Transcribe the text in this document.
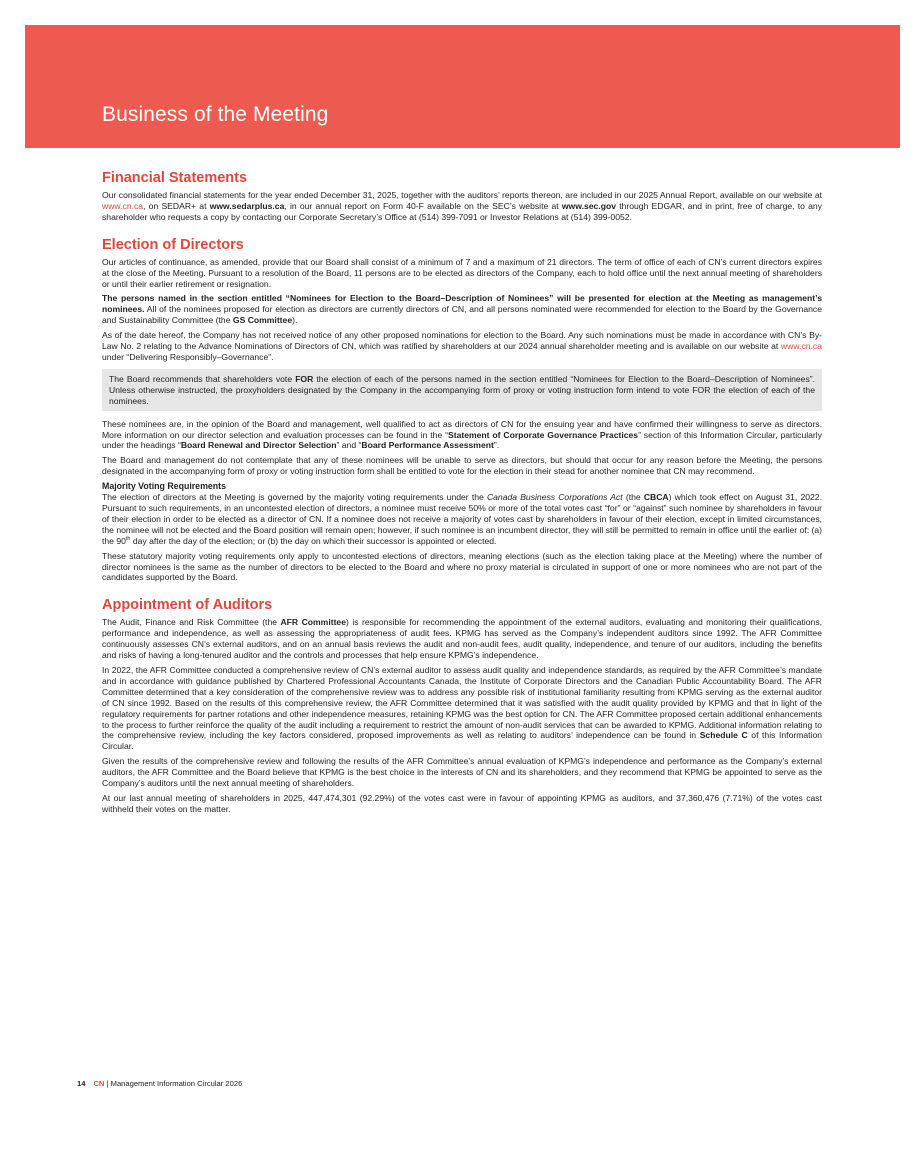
Business of the Meeting
Financial Statements

Our consolidated financial statements for the year ended December 31, 2025, together with the auditors’ reports thereon, are included in our 2025 Annual Report, available on our website at www.cn.ca, on SEDAR+ at www.sedarplus.ca, in our annual report on Form 40-F available on the SEC’s website at www.sec.gov through EDGAR, and in print, free of charge, to any shareholder who requests a copy by contacting our Corporate Secretary’s Office at (514) 399-7091 or Investor Relations at (514) 399-0052.

Election of Directors

Our articles of continuance, as amended, provide that our Board shall consist of a minimum of 7 and a maximum of 21 directors. The term of office of each of CN’s current directors expires at the close of the Meeting. Pursuant to a resolution of the Board, 11 persons are to be elected as directors of the Company, each to hold office until the next annual meeting of shareholders or until their earlier retirement or resignation.

The persons named in the section entitled “Nominees for Election to the Board–Description of Nominees” will be presented for election at the Meeting as management’s nominees. All of the nominees proposed for election as directors are currently directors of CN, and all persons nominated were recommended for election to the Board by the Governance and Sustainability Committee (the GS Committee).

As of the date hereof, the Company has not received notice of any other proposed nominations for election to the Board. Any such nominations must be made in accordance with CN’s By-Law No. 2 relating to the Advance Nominations of Directors of CN, which was ratified by shareholders at our 2024 annual shareholder meeting and is available on our website at www.cn.ca under “Delivering Responsibly–Governance”.

The Board recommends that shareholders vote FOR the election of each of the persons named in the section entitled “Nominees for Election to the Board–Description of Nominees”. Unless otherwise instructed, the proxyholders designated by the Company in the accompanying form of proxy or voting instruction form intend to vote FOR the election of each of the nominees.

These nominees are, in the opinion of the Board and management, well qualified to act as directors of CN for the ensuing year and have confirmed their willingness to serve as directors. More information on our director selection and evaluation processes can be found in the “Statement of Corporate Governance Practices” section of this Information Circular, particularly under the headings “Board Renewal and Director Selection” and “Board Performance Assessment”.

The Board and management do not contemplate that any of these nominees will be unable to serve as directors, but should that occur for any reason before the Meeting, the persons designated in the accompanying form of proxy or voting instruction form shall be entitled to vote for the election in their stead for another nominee that CN may recommend.

Majority Voting Requirements

The election of directors at the Meeting is governed by the majority voting requirements under the Canada Business Corporations Act (the CBCA) which took effect on August 31, 2022. Pursuant to such requirements, in an uncontested election of directors, a nominee must receive 50% or more of the total votes cast “for” or “against” such nominee by shareholders in favour of their election in order to be elected as a director of CN. If a nominee does not receive a majority of votes cast by shareholders in favour of their election, except in limited circumstances, the nominee will not be elected and the Board position will remain open; however, if such nominee is an incumbent director, they will still be permitted to remain in office until the earlier of: (a) the 90th day after the day of the election; or (b) the day on which their successor is appointed or elected.

These statutory majority voting requirements only apply to uncontested elections of directors, meaning elections (such as the election taking place at the Meeting) where the number of director nominees is the same as the number of directors to be elected to the Board and where no proxy material is circulated in support of one or more nominees who are not part of the candidates supported by the Board.

Appointment of Auditors

The Audit, Finance and Risk Committee (the AFR Committee) is responsible for recommending the appointment of the external auditors, evaluating and monitoring their qualifications, performance and independence, as well as assessing the appropriateness of audit fees. KPMG has served as the Company’s independent auditors since 1992. The AFR Committee continuously assesses CN’s external auditors, and on an annual basis reviews the audit and non-audit fees, audit quality, independence, and tenure of our auditors, including the benefits and risks of having a long-tenured auditor and the controls and processes that help ensure KPMG’s independence.

In 2022, the AFR Committee conducted a comprehensive review of CN’s external auditor to assess audit quality and independence standards, as required by the AFR Committee’s mandate and in accordance with guidance published by Chartered Professional Accountants Canada, the Institute of Corporate Directors and the Canadian Public Accountability Board. The AFR Committee determined that a key consideration of the comprehensive review was to address any possible risk of institutional familiarity resulting from KPMG serving as the external auditor of CN since 1992. Based on the results of this comprehensive review, the AFR Committee determined that it was satisfied with the audit quality provided by KPMG and that in light of the regulatory requirements for partner rotations and other independence measures, retaining KPMG was the best option for CN. The AFR Committee proposed certain additional enhancements to the process to further reinforce the quality of the audit including a requirement to restrict the amount of non-audit services that can be awarded to KPMG. Additional information relating to the comprehensive review, including the key factors considered, proposed improvements as well as relating to auditors’ independence can be found in Schedule C of this Information Circular.

Given the results of the comprehensive review and following the results of the AFR Committee’s annual evaluation of KPMG’s independence and performance as the Company’s external auditors, the AFR Committee and the Board believe that KPMG is the best choice in the interests of CN and its shareholders, and they recommend that KPMG be appointed to serve as the Company’s auditors until the next annual meeting of shareholders.

At our last annual meeting of shareholders in 2025, 447,474,301 (92.29%) of the votes cast were in favour of appointing KPMG as auditors, and 37,360,476 (7.71%) of the votes cast withheld their votes on the matter.

14 CN | Management Information Circular 2026
